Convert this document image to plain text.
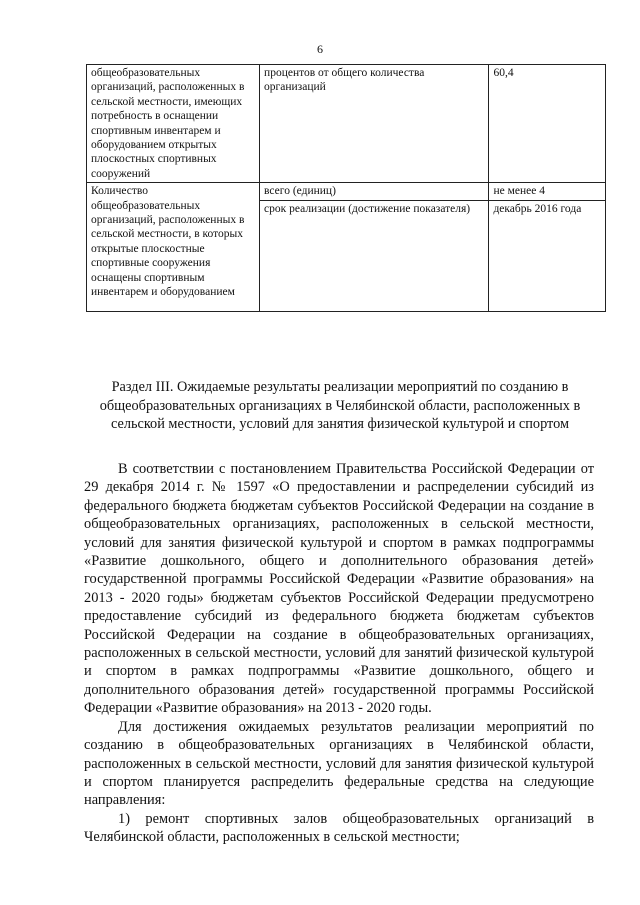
6
общеобразовательных организаций, расположенных в сельской местности, имеющих потребность в оснащении спортивным инвентарем и оборудованием открытых плоскостных спортивных сооружений	процентов от общего количества организаций	60,4
Количество общеобразовательных организаций, расположенных в сельской местности, в которых открытые плоскостные спортивные сооружения оснащены спортивным инвентарем и оборудованием	всего (единиц)	не менее 4
	срок реализации (достижение показателя)	декабрь 2016 года
Раздел III. Ожидаемые результаты реализации мероприятий по созданию в общеобразовательных организациях в Челябинской области, расположенных в сельской местности, условий для занятия физической культурой и спортом

В соответствии с постановлением Правительства Российской Федерации от 29 декабря 2014 г. № 1597 «О предоставлении и распределении субсидий из федерального бюджета бюджетам субъектов Российской Федерации на создание в общеобразовательных организациях, расположенных в сельской местности, условий для занятия физической культурой и спортом в рамках подпрограммы «Развитие дошкольного, общего и дополнительного образования детей» государственной программы Российской Федерации «Развитие образования» на 2013 - 2020 годы» бюджетам субъектов Российской Федерации предусмотрено предоставление субсидий из федерального бюджета бюджетам субъектов Российской Федерации на создание в общеобразовательных организациях, расположенных в сельской местности, условий для занятий физической культурой и спортом в рамках подпрограммы «Развитие дошкольного, общего и дополнительного образования детей» государственной программы Российской Федерации «Развитие образования» на 2013 - 2020 годы.

Для достижения ожидаемых результатов реализации мероприятий по созданию в общеобразовательных организациях в Челябинской области, расположенных в сельской местности, условий для занятия физической культурой и спортом планируется распределить федеральные средства на следующие направления:

1) ремонт спортивных залов общеобразовательных организаций в Челябинской области, расположенных в сельской местности;
